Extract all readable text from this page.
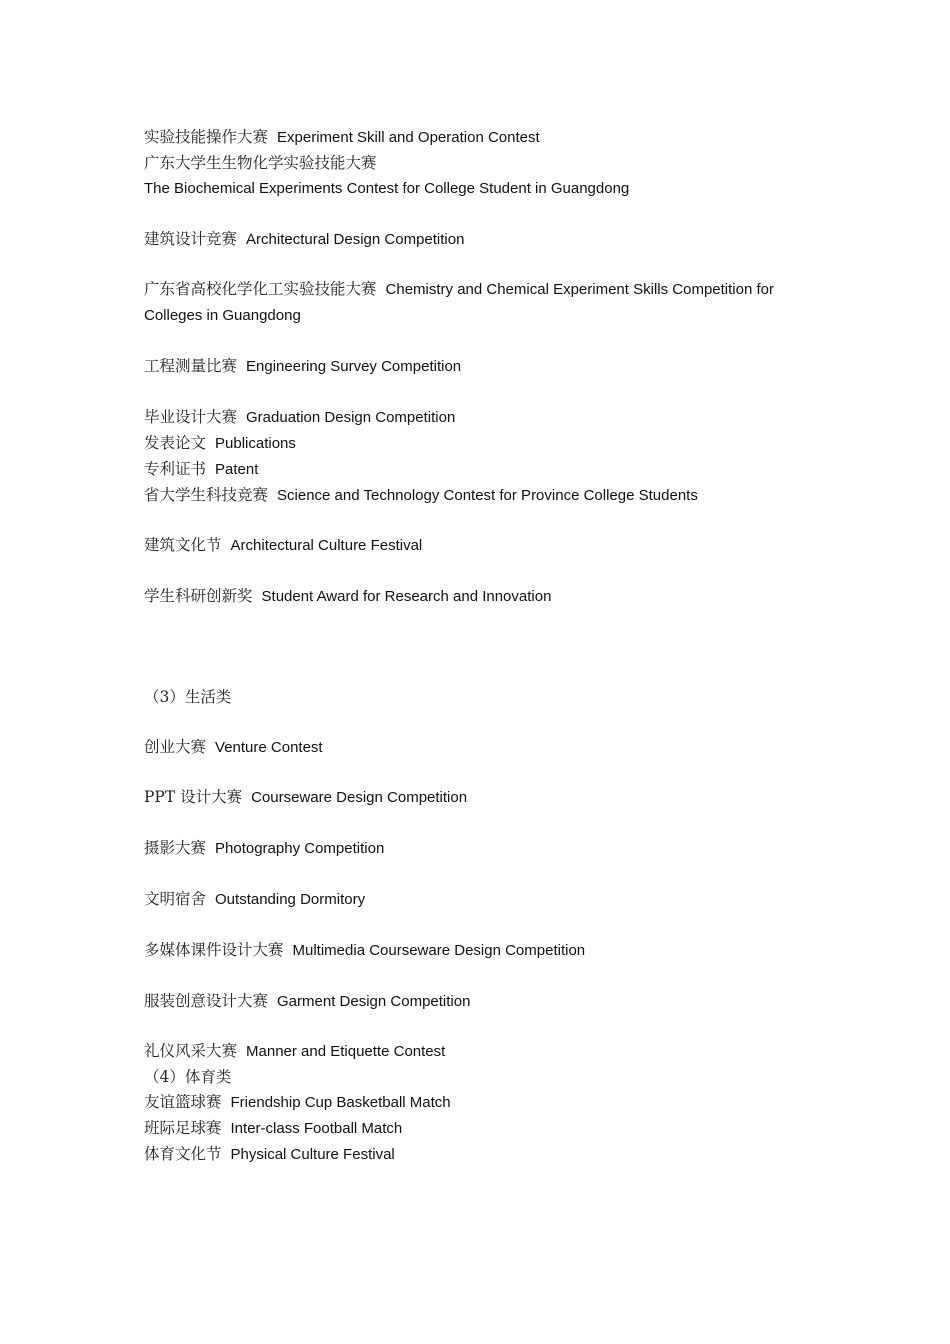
实验技能操作大赛 Experiment Skill and Operation Contest
广东大学生生物化学实验技能大赛
The Biochemical Experiments Contest for College Student in Guangdong
建筑设计竞赛 Architectural Design Competition
广东省高校化学化工实验技能大赛 Chemistry and Chemical Experiment Skills Competition for Colleges in Guangdong
工程测量比赛 Engineering Survey Competition
毕业设计大赛 Graduation Design Competition
发表论文 Publications
专利证书 Patent
省大学生科技竞赛 Science and Technology Contest for Province College Students
建筑文化节 Architectural Culture Festival
学生科研创新奖 Student Award for Research and Innovation
（3）生活类
创业大赛 Venture Contest
PPT 设计大赛 Courseware Design Competition
摄影大赛 Photography Competition
文明宿舍 Outstanding Dormitory
多媒体课件设计大赛 Multimedia Courseware Design Competition
服装创意设计大赛 Garment Design Competition
礼仪风采大赛 Manner and Etiquette Contest
（4）体育类
友谊篮球赛 Friendship Cup Basketball Match
班际足球赛 Inter-class Football Match
体育文化节 Physical Culture Festival
